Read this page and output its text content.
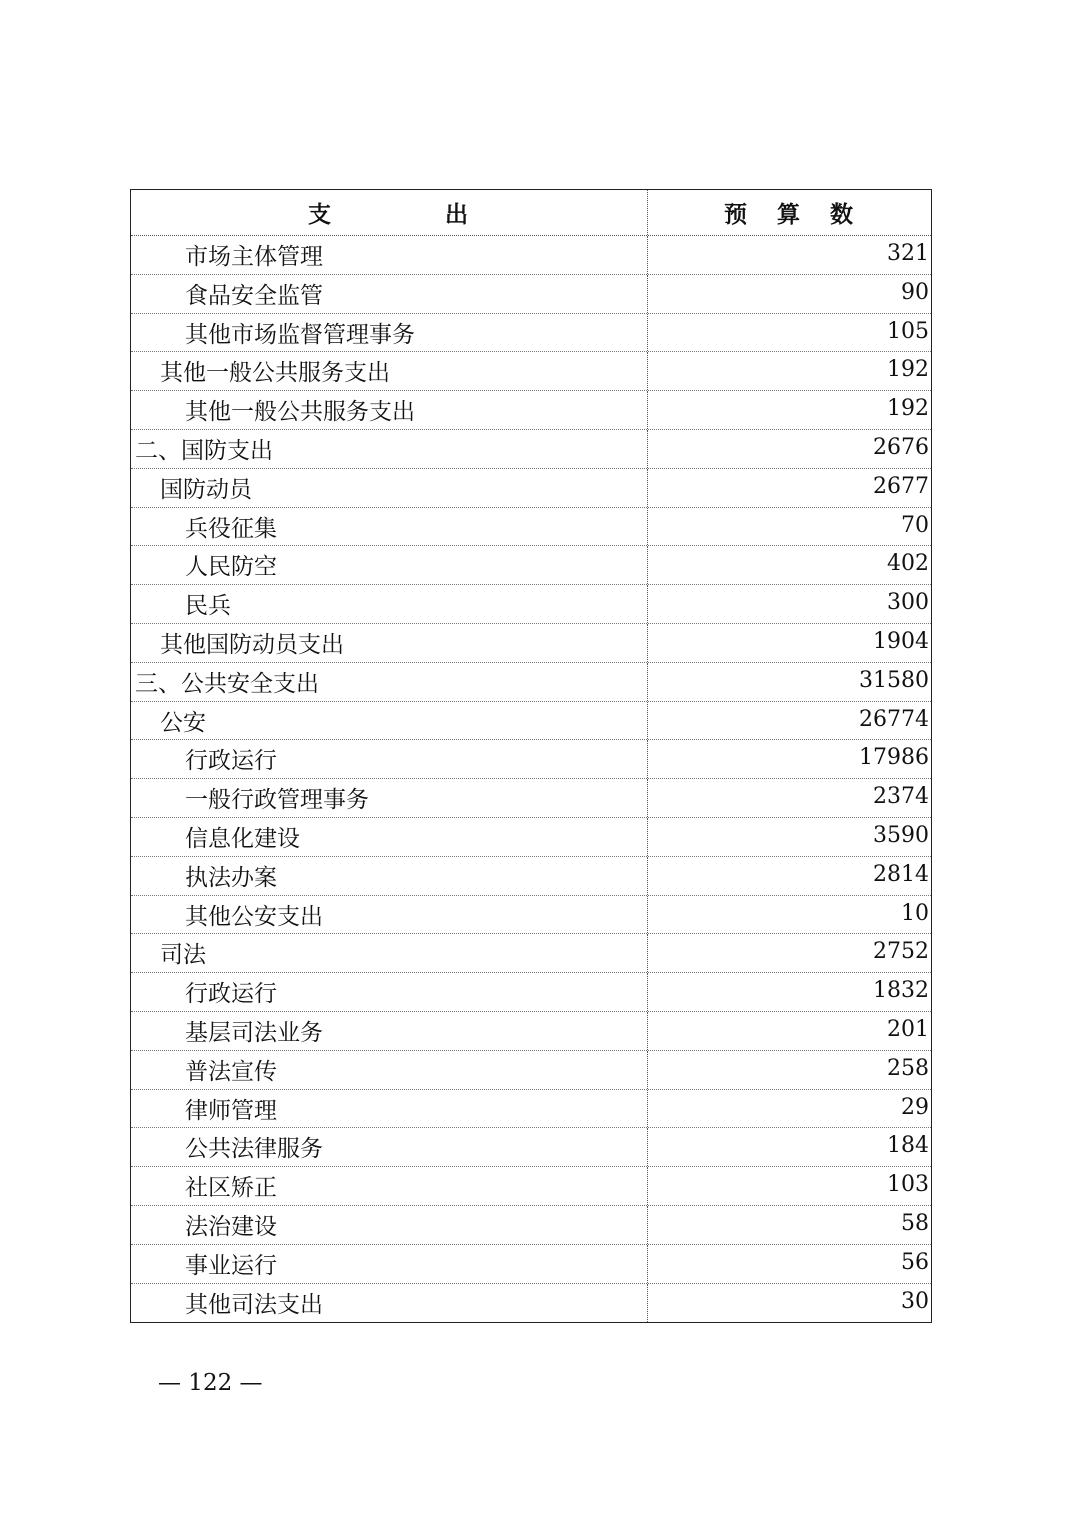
支	出	预 算 数
市场主体管理	321
食品安全监管	90
其他市场监督管理事务	105
其他一般公共服务支出	192
其他一般公共服务支出	192
二、国防支出	2676
国防动员	2677
兵役征集	70
人民防空	402
民兵	300
其他国防动员支出	1904
三、公共安全支出	31580
公安	26774
行政运行	17986
一般行政管理事务	2374
信息化建设	3590
执法办案	2814
其他公安支出	10
司法	2752
行政运行	1832
基层司法业务	201
普法宣传	258
律师管理	29
公共法律服务	184
社区矫正	103
法治建设	58
事业运行	56
其他司法支出	30
— 122 —
